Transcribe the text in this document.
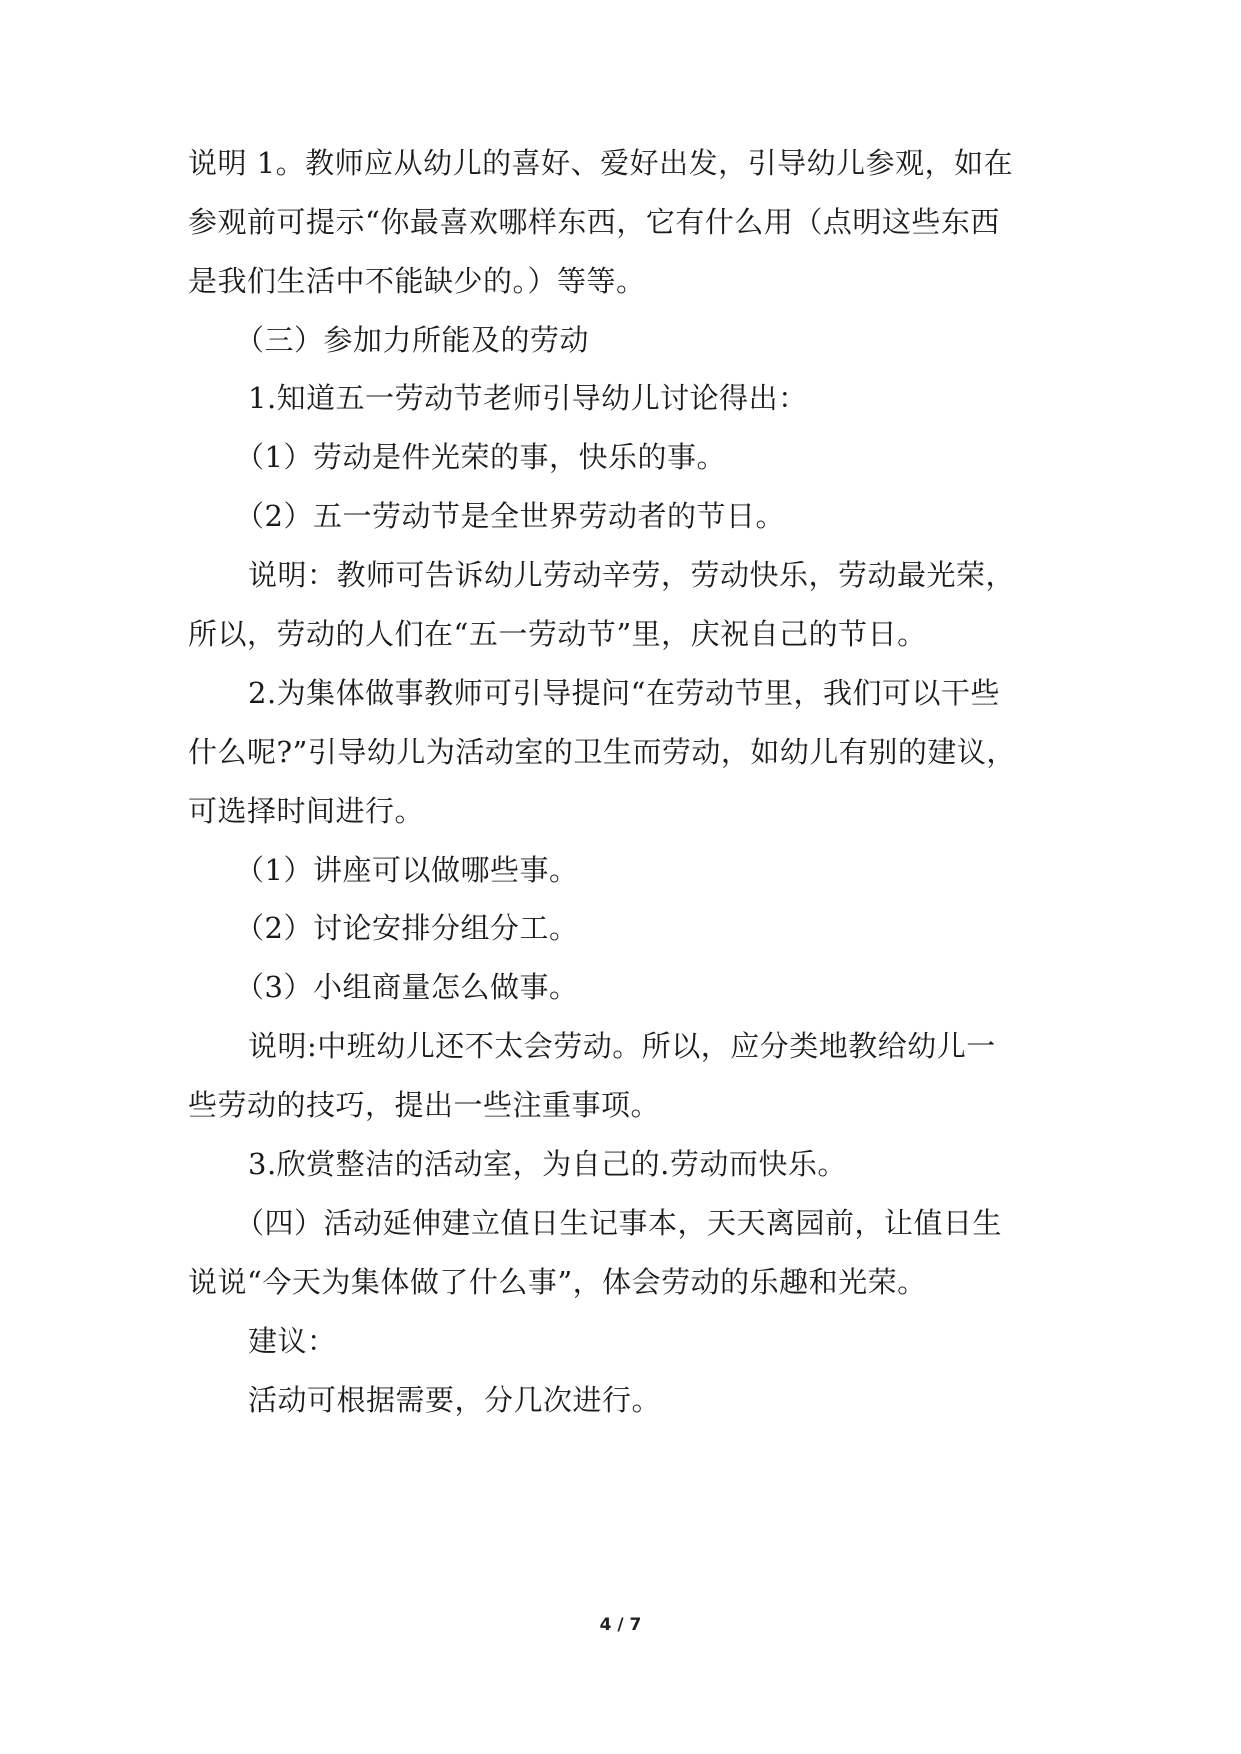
说明 1。教师应从幼儿的喜好、爱好出发，引导幼儿参观，如在
参观前可提示“你最喜欢哪样东西，它有什么用（点明这些东西
是我们生活中不能缺少的。）等等。
（三）参加力所能及的劳动
1.知道五一劳动节老师引导幼儿讨论得出：
（1）劳动是件光荣的事，快乐的事。
（2）五一劳动节是全世界劳动者的节日。
说明：教师可告诉幼儿劳动辛劳，劳动快乐，劳动最光荣，
所以，劳动的人们在“五一劳动节”里，庆祝自己的节日。
2.为集体做事教师可引导提问“在劳动节里，我们可以干些
什么呢?”引导幼儿为活动室的卫生而劳动，如幼儿有别的建议，
可选择时间进行。
（1）讲座可以做哪些事。
（2）讨论安排分组分工。
（3）小组商量怎么做事。
说明:中班幼儿还不太会劳动。所以，应分类地教给幼儿一
些劳动的技巧，提出一些注重事项。
3.欣赏整洁的活动室，为自己的.劳动而快乐。
（四）活动延伸建立值日生记事本，天天离园前，让值日生
说说“今天为集体做了什么事”，体会劳动的乐趣和光荣。
建议：
活动可根据需要，分几次进行。
4 / 7
